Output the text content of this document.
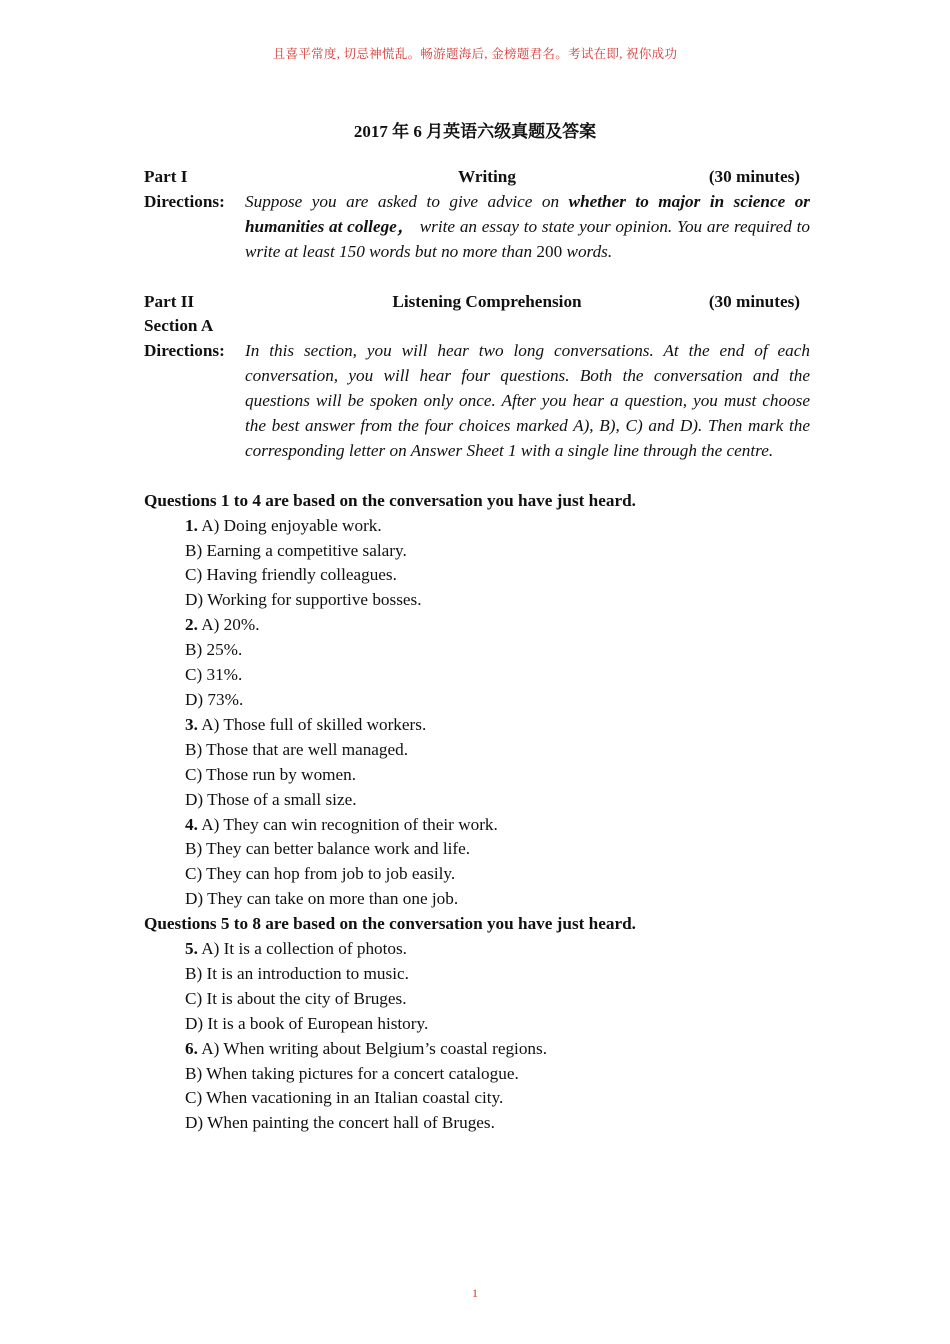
且喜平常度, 切忌神慌乱。畅游题海后, 金榜题君名。考试在即, 祝你成功
2017 年 6 月英语六级真题及答案
Part I	Writing	(30 minutes)
Directions:	Suppose you are asked to give advice on whether to major in science or humanities at college， write an essay to state your opinion. You are required to write at least 150 words but no more than 200 words.
Part II	Listening Comprehension	(30 minutes)
Section A
Directions:	In this section, you will hear two long conversations. At the end of each conversation, you will hear four questions. Both the conversation and the questions will be spoken only once. After you hear a question, you must choose the best answer from the four choices marked A), B), C) and D). Then mark the corresponding letter on Answer Sheet 1 with a single line through the centre.
Questions 1 to 4 are based on the conversation you have just heard.
1. A) Doing enjoyable work.
B) Earning a competitive salary.
C) Having friendly colleagues.
D) Working for supportive bosses.
2. A) 20%.
B) 25%.
C) 31%.
D) 73%.
3. A) Those full of skilled workers.
B) Those that are well managed.
C) Those run by women.
D) Those of a small size.
4. A) They can win recognition of their work.
B) They can better balance work and life.
C) They can hop from job to job easily.
D) They can take on more than one job.
Questions 5 to 8 are based on the conversation you have just heard.
5. A) It is a collection of photos.
B) It is an introduction to music.
C) It is about the city of Bruges.
D) It is a book of European history.
6. A) When writing about Belgium’s coastal regions.
B) When taking pictures for a concert catalogue.
C) When vacationing in an Italian coastal city.
D) When painting the concert hall of Bruges.
1
